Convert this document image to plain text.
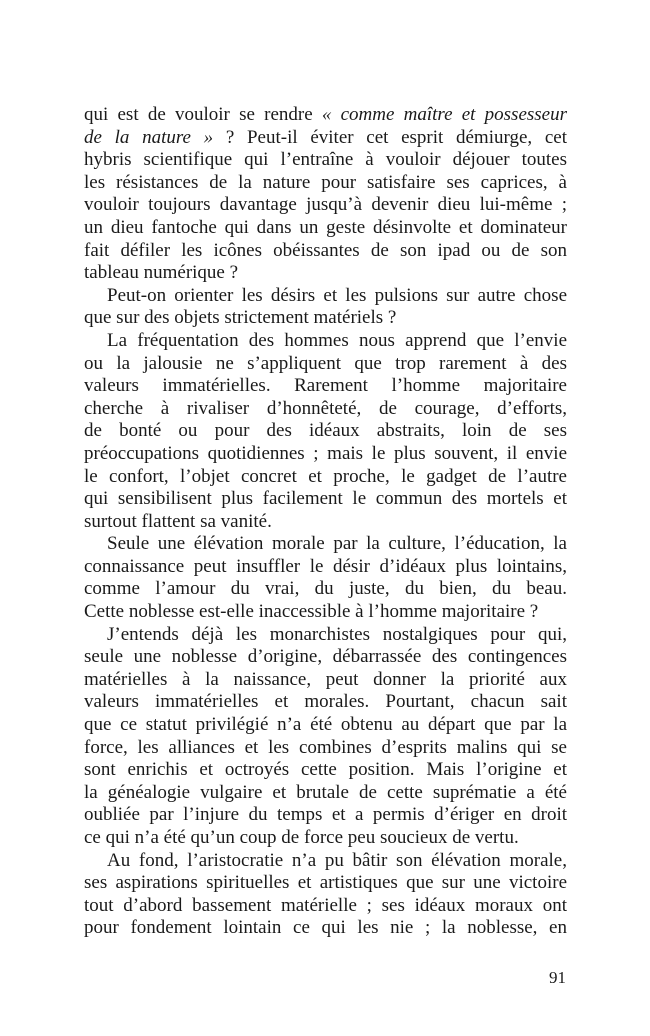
qui est de vouloir se rendre « comme maître et possesseur
de la nature » ? Peut-il éviter cet esprit démiurge, cet
hybris scientifique qui l’entraîne à vouloir déjouer toutes
les résistances de la nature pour satisfaire ses caprices, à
vouloir toujours davantage jusqu’à devenir dieu lui-même ;
un dieu fantoche qui dans un geste désinvolte et dominateur
fait défiler les icônes obéissantes de son ipad ou de son
tableau numérique ?
Peut-on orienter les désirs et les pulsions sur autre chose
que sur des objets strictement matériels ?
La fréquentation des hommes nous apprend que l’envie
ou la jalousie ne s’appliquent que trop rarement à des
valeurs immatérielles. Rarement l’homme majoritaire
cherche à rivaliser d’honnêteté, de courage, d’efforts,
de bonté ou pour des idéaux abstraits, loin de ses
préoccupations quotidiennes ; mais le plus souvent, il envie
le confort, l’objet concret et proche, le gadget de l’autre
qui sensibilisent plus facilement le commun des mortels et
surtout flattent sa vanité.
Seule une élévation morale par la culture, l’éducation, la
connaissance peut insuffler le désir d’idéaux plus lointains,
comme l’amour du vrai, du juste, du bien, du beau.
Cette noblesse est-elle inaccessible à l’homme majoritaire ?
J’entends déjà les monarchistes nostalgiques pour qui,
seule une noblesse d’origine, débarrassée des contingences
matérielles à la naissance, peut donner la priorité aux
valeurs immatérielles et morales. Pourtant, chacun sait
que ce statut privilégié n’a été obtenu au départ que par la
force, les alliances et les combines d’esprits malins qui se
sont enrichis et octroyés cette position. Mais l’origine et
la généalogie vulgaire et brutale de cette suprématie a été
oubliée par l’injure du temps et a permis d’ériger en droit
ce qui n’a été qu’un coup de force peu soucieux de vertu.
Au fond, l’aristocratie n’a pu bâtir son élévation morale,
ses aspirations spirituelles et artistiques que sur une victoire
tout d’abord bassement matérielle ; ses idéaux moraux ont
pour fondement lointain ce qui les nie ; la noblesse, en
91
